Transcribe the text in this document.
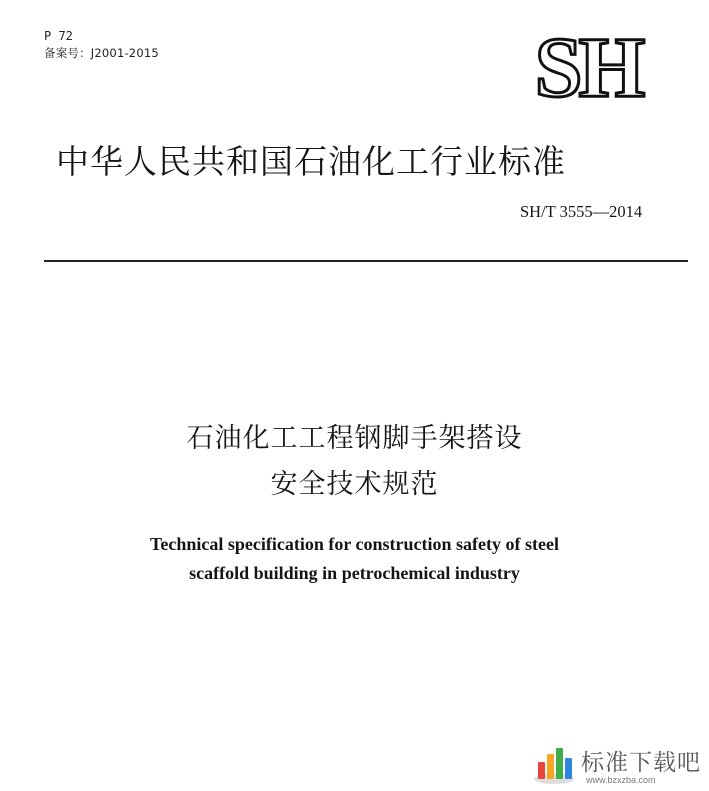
P 72
备案号：J2001-2015	SH
中华人民共和国石油化工行业标准
SH/T 3555—2014
石油化工工程钢脚手架搭设
安全技术规范
Technical specification for construction safety of steel
scaffold building in petrochemical industry
标准下载吧
www.bzxzba.com
